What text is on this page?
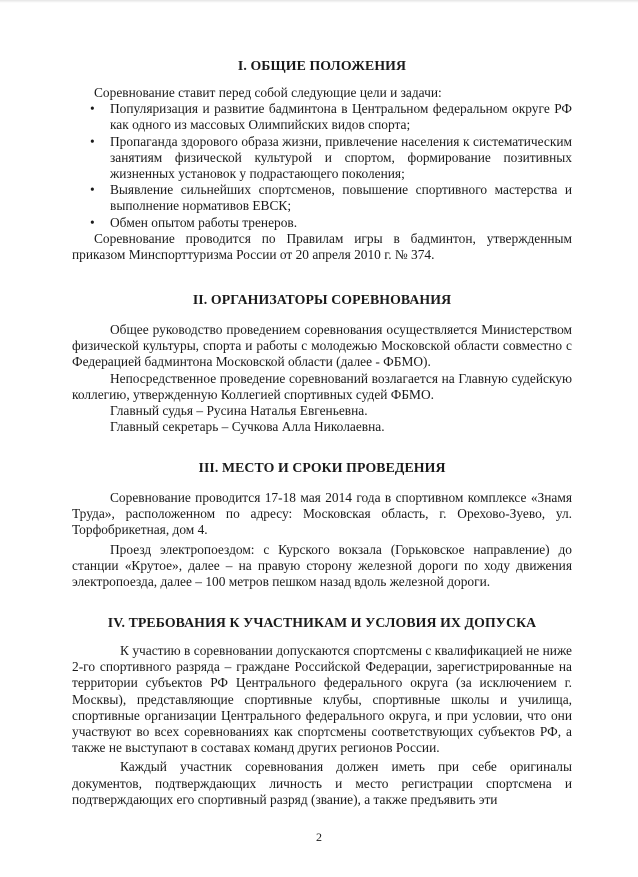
I. ОБЩИЕ ПОЛОЖЕНИЯ

Соревнование ставит перед собой следующие цели и задачи:

• Популяризация и развитие бадминтона в Центральном федеральном округе РФ как одного из массовых Олимпийских видов спорта;
• Пропаганда здорового образа жизни, привлечение населения к систематическим занятиям физической культурой и спортом, формирование позитивных жизненных установок у подрастающего поколения;
• Выявление сильнейших спортсменов, повышение спортивного мастерства и выполнение нормативов ЕВСК;
• Обмен опытом работы тренеров.

Соревнование проводится по Правилам игры в бадминтон, утвержденным приказом Минспорттуризма России от 20 апреля 2010 г. № 374.

II. ОРГАНИЗАТОРЫ СОРЕВНОВАНИЯ

Общее руководство проведением соревнования осуществляется Министерством физической культуры, спорта и работы с молодежью Московской области совместно с Федерацией бадминтона Московской области (далее - ФБМО).

Непосредственное проведение соревнований возлагается на Главную судейскую коллегию, утвержденную Коллегией спортивных судей ФБМО.

Главный судья – Русина Наталья Евгеньевна.

Главный секретарь – Сучкова Алла Николаевна.

III. МЕСТО И СРОКИ ПРОВЕДЕНИЯ

Соревнование проводится 17-18 мая 2014 года в спортивном комплексе «Знамя Труда», расположенном по адресу: Московская область, г. Орехово-Зуево, ул. Торфобрикетная, дом 4.

Проезд электропоездом: с Курского вокзала (Горьковское направление) до станции «Крутое», далее – на правую сторону железной дороги по ходу движения электропоезда, далее – 100 метров пешком назад вдоль железной дороги.

IV. ТРЕБОВАНИЯ К УЧАСТНИКАМ И УСЛОВИЯ ИХ ДОПУСКА

К участию в соревновании допускаются спортсмены с квалификацией не ниже 2-го спортивного разряда – граждане Российской Федерации, зарегистрированные на территории субъектов РФ Центрального федерального округа (за исключением г. Москвы), представляющие спортивные клубы, спортивные школы и училища, спортивные организации Центрального федерального округа, и при условии, что они участвуют во всех соревнованиях как спортсмены соответствующих субъектов РФ, а также не выступают в составах команд других регионов России.

Каждый участник соревнования должен иметь при себе оригиналы документов, подтверждающих личность и место регистрации спортсмена и подтверждающих его спортивный разряд (звание), а также предъявить эти

2
